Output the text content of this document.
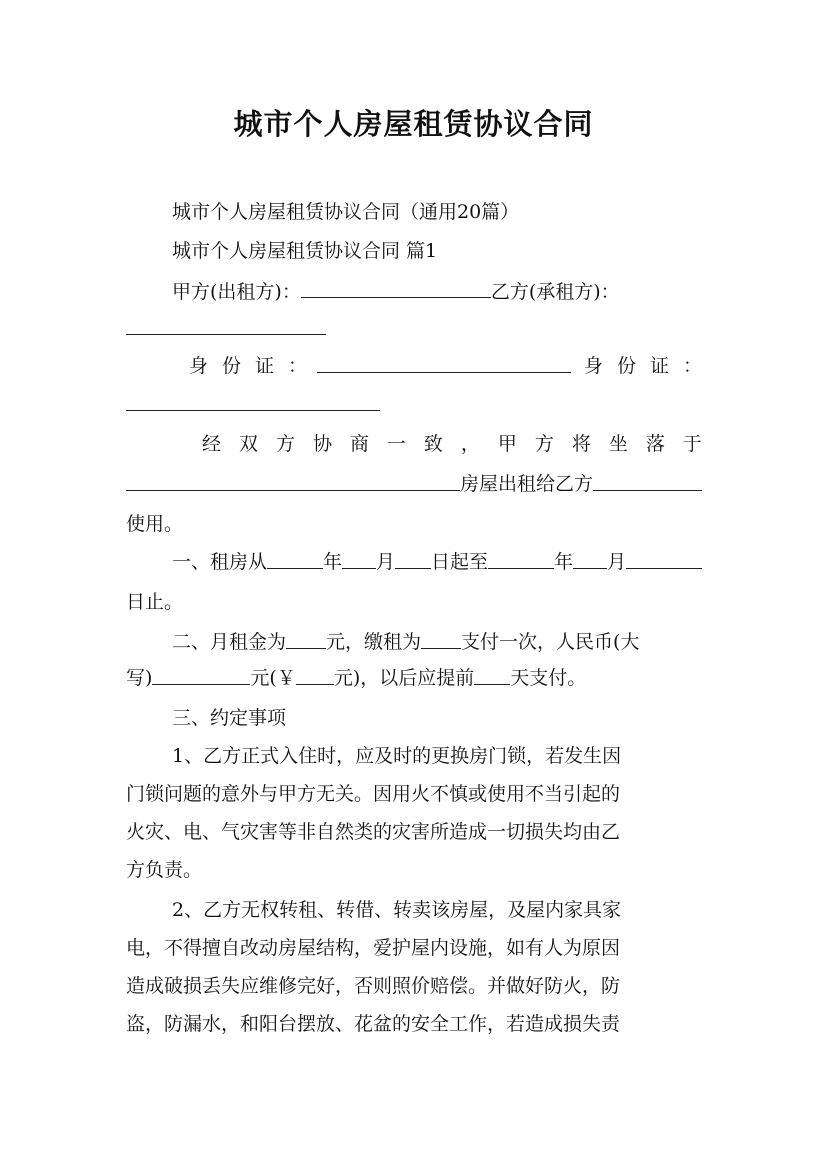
城市个人房屋租赁协议合同
城市个人房屋租赁协议合同（通用20篇）
城市个人房屋租赁协议合同 篇1
甲方(出租方)：	乙方(承租方)：
身 份 证 ：	身 份 证 ：
经 双 方 协 商 一 致 ， 甲 方 将 坐 落 于
房屋出租给乙方
使用。
一、租房从	年 月 日起至	年 月
日止。
二、月租金为 元，缴租为 支付一次，人民币(大
写)	元(￥ 元)，以后应提前 天支付。
三、约定事项
1、乙方正式入住时，应及时的更换房门锁，若发生因
门锁问题的意外与甲方无关。因用火不慎或使用不当引起的
火灾、电、气灾害等非自然类的灾害所造成一切损失均由乙
方负责。
2、乙方无权转租、转借、转卖该房屋，及屋内家具家
电，不得擅自改动房屋结构，爱护屋内设施，如有人为原因
造成破损丢失应维修完好，否则照价赔偿。并做好防火，防
盗，防漏水，和阳台摆放、花盆的安全工作，若造成损失责
